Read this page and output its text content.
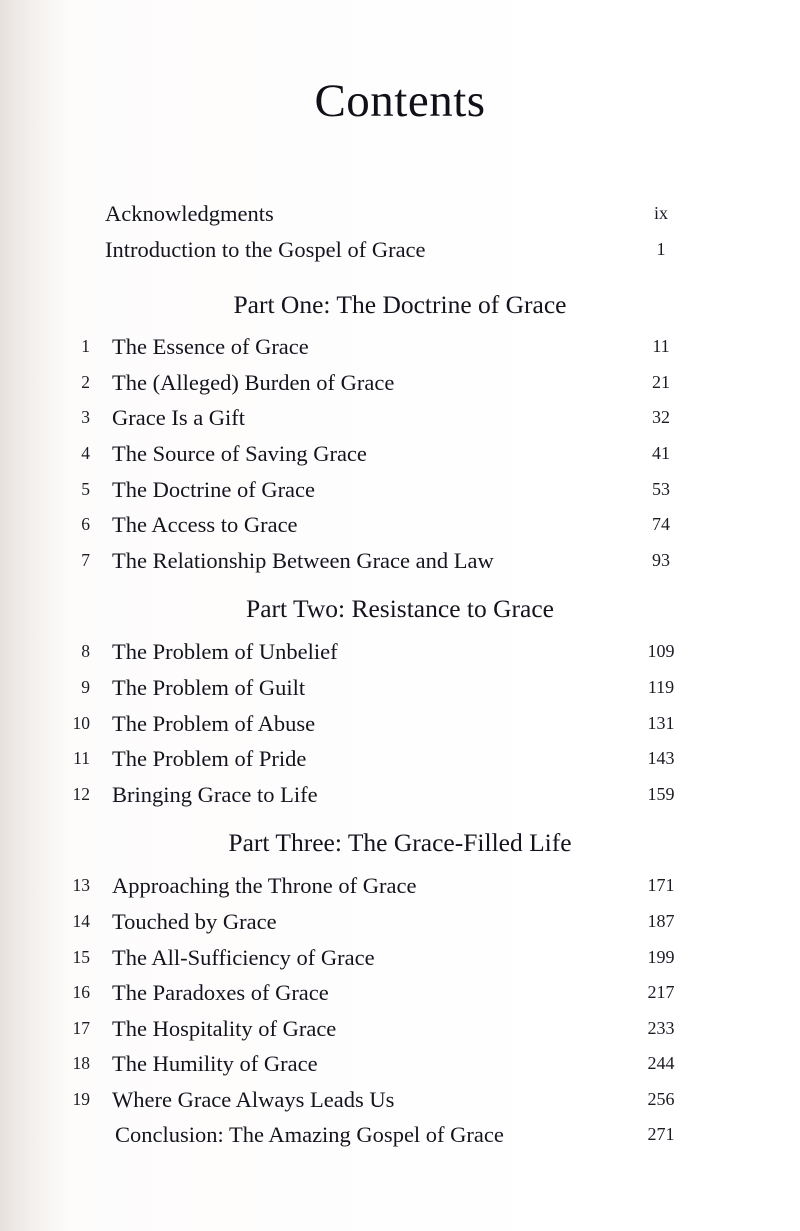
Contents
Acknowledgments	ix
Introduction to the Gospel of Grace	1
Part One: The Doctrine of Grace
1 The Essence of Grace	11
2 The (Alleged) Burden of Grace	21
3 Grace Is a Gift	32
4 The Source of Saving Grace	41
5 The Doctrine of Grace	53
6 The Access to Grace	74
7 The Relationship Between Grace and Law	93
Part Two: Resistance to Grace
8 The Problem of Unbelief	109
9 The Problem of Guilt	119
10 The Problem of Abuse	131
11 The Problem of Pride	143
12 Bringing Grace to Life	159
Part Three: The Grace-Filled Life
13 Approaching the Throne of Grace	171
14 Touched by Grace	187
15 The All-Sufficiency of Grace	199
16 The Paradoxes of Grace	217
17 The Hospitality of Grace	233
18 The Humility of Grace	244
19 Where Grace Always Leads Us	256
Conclusion: The Amazing Gospel of Grace	271
